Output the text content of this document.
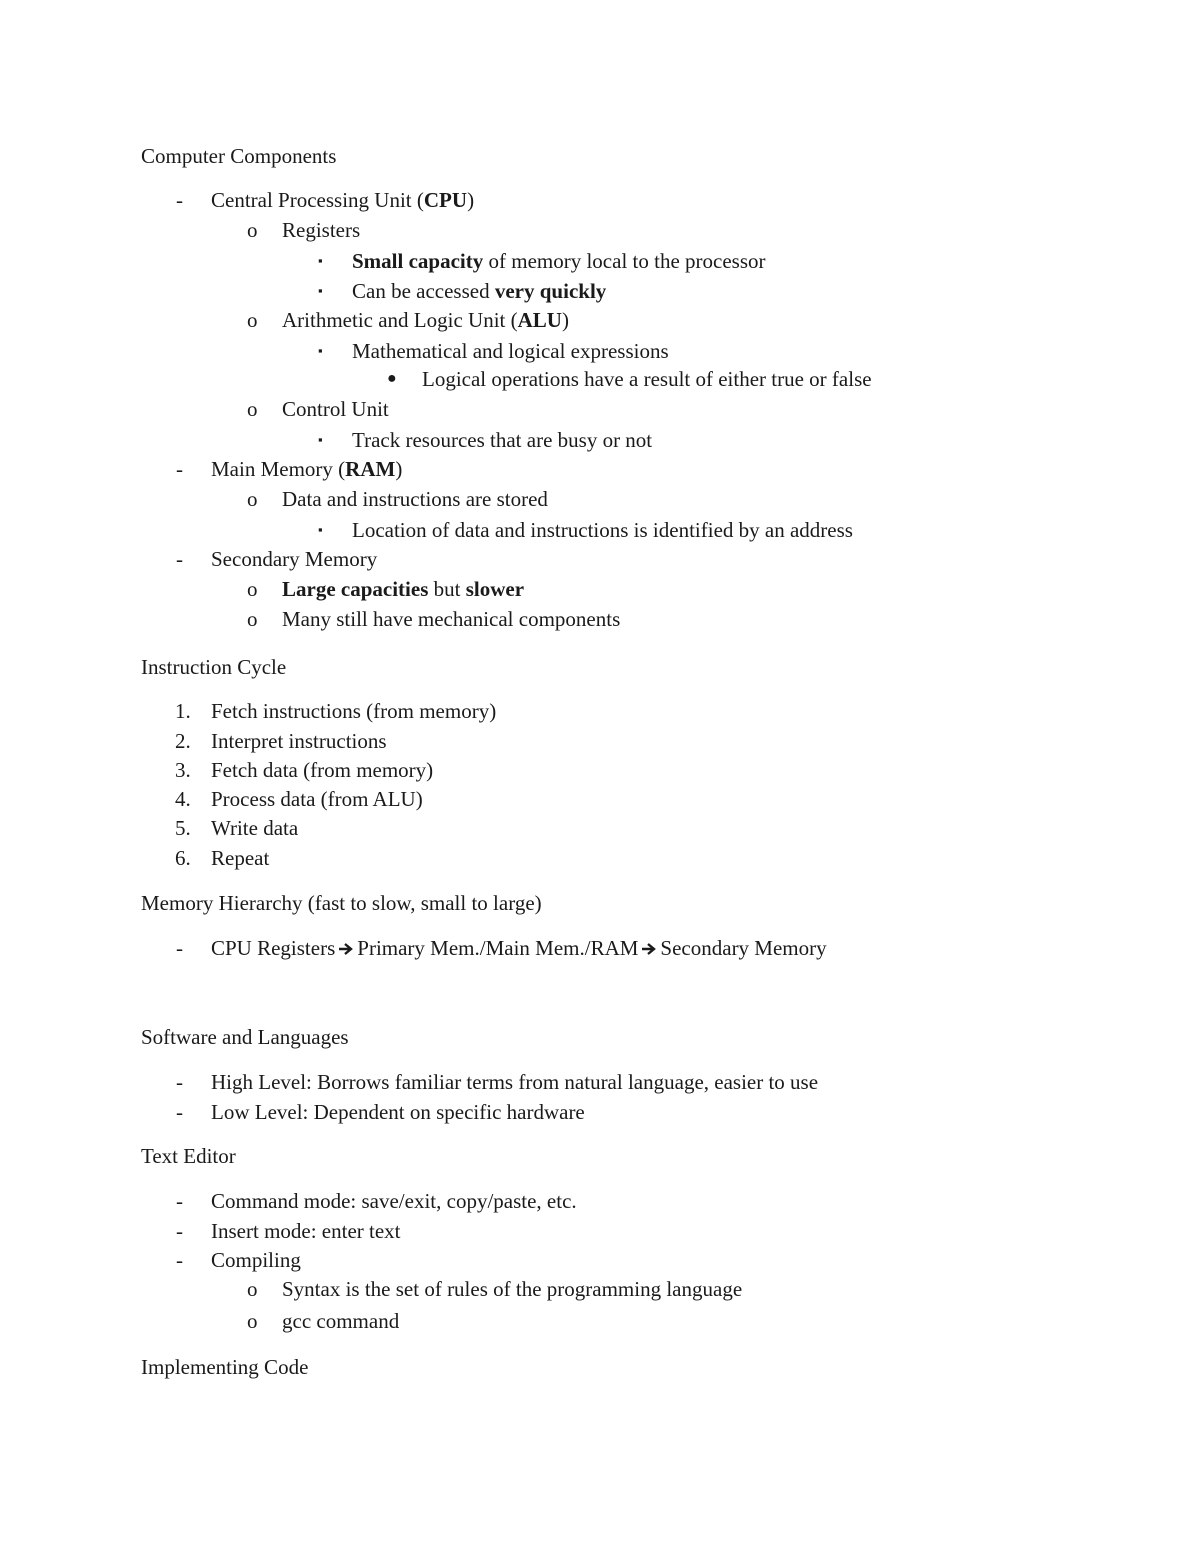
Computer Components
- Central Processing Unit (CPU)
o Registers
▪ Small capacity of memory local to the processor
▪ Can be accessed very quickly
o Arithmetic and Logic Unit (ALU)
▪ Mathematical and logical expressions
● Logical operations have a result of either true or false
o Control Unit
▪ Track resources that are busy or not
- Main Memory (RAM)
o Data and instructions are stored
▪ Location of data and instructions is identified by an address
- Secondary Memory
o Large capacities but slower
o Many still have mechanical components
Instruction Cycle
1. Fetch instructions (from memory)
2. Interpret instructions
3. Fetch data (from memory)
4. Process data (from ALU)
5. Write data
6. Repeat
Memory Hierarchy (fast to slow, small to large)
- CPU Registers Primary Mem./Main Mem./RAM Secondary Memory
Software and Languages
- High Level: Borrows familiar terms from natural language, easier to use
- Low Level: Dependent on specific hardware
Text Editor
- Command mode: save/exit, copy/paste, etc.
- Insert mode: enter text
- Compiling
o Syntax is the set of rules of the programming language
o gcc command
Implementing Code
